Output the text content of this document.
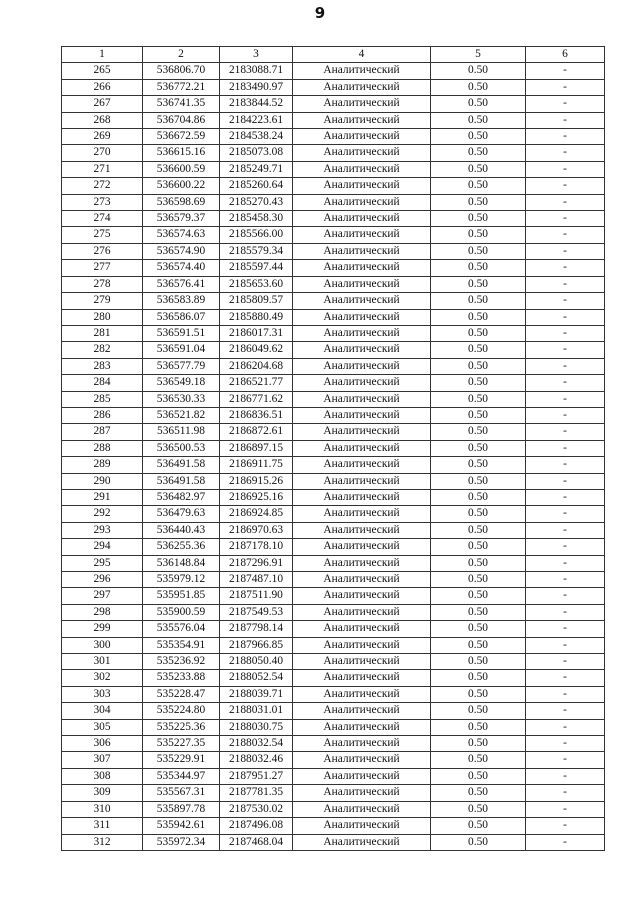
9
1	2	3	4	5	6
265	536806.70	2183088.71	Аналитический	0.50	-
266	536772.21	2183490.97	Аналитический	0.50	-
267	536741.35	2183844.52	Аналитический	0.50	-
268	536704.86	2184223.61	Аналитический	0.50	-
269	536672.59	2184538.24	Аналитический	0.50	-
270	536615.16	2185073.08	Аналитический	0.50	-
271	536600.59	2185249.71	Аналитический	0.50	-
272	536600.22	2185260.64	Аналитический	0.50	-
273	536598.69	2185270.43	Аналитический	0.50	-
274	536579.37	2185458.30	Аналитический	0.50	-
275	536574.63	2185566.00	Аналитический	0.50	-
276	536574.90	2185579.34	Аналитический	0.50	-
277	536574.40	2185597.44	Аналитический	0.50	-
278	536576.41	2185653.60	Аналитический	0.50	-
279	536583.89	2185809.57	Аналитический	0.50	-
280	536586.07	2185880.49	Аналитический	0.50	-
281	536591.51	2186017.31	Аналитический	0.50	-
282	536591.04	2186049.62	Аналитический	0.50	-
283	536577.79	2186204.68	Аналитический	0.50	-
284	536549.18	2186521.77	Аналитический	0.50	-
285	536530.33	2186771.62	Аналитический	0.50	-
286	536521.82	2186836.51	Аналитический	0.50	-
287	536511.98	2186872.61	Аналитический	0.50	-
288	536500.53	2186897.15	Аналитический	0.50	-
289	536491.58	2186911.75	Аналитический	0.50	-
290	536491.58	2186915.26	Аналитический	0.50	-
291	536482.97	2186925.16	Аналитический	0.50	-
292	536479.63	2186924.85	Аналитический	0.50	-
293	536440.43	2186970.63	Аналитический	0.50	-
294	536255.36	2187178.10	Аналитический	0.50	-
295	536148.84	2187296.91	Аналитический	0.50	-
296	535979.12	2187487.10	Аналитический	0.50	-
297	535951.85	2187511.90	Аналитический	0.50	-
298	535900.59	2187549.53	Аналитический	0.50	-
299	535576.04	2187798.14	Аналитический	0.50	-
300	535354.91	2187966.85	Аналитический	0.50	-
301	535236.92	2188050.40	Аналитический	0.50	-
302	535233.88	2188052.54	Аналитический	0.50	-
303	535228.47	2188039.71	Аналитический	0.50	-
304	535224.80	2188031.01	Аналитический	0.50	-
305	535225.36	2188030.75	Аналитический	0.50	-
306	535227.35	2188032.54	Аналитический	0.50	-
307	535229.91	2188032.46	Аналитический	0.50	-
308	535344.97	2187951.27	Аналитический	0.50	-
309	535567.31	2187781.35	Аналитический	0.50	-
310	535897.78	2187530.02	Аналитический	0.50	-
311	535942.61	2187496.08	Аналитический	0.50	-
312	535972.34	2187468.04	Аналитический	0.50	-
